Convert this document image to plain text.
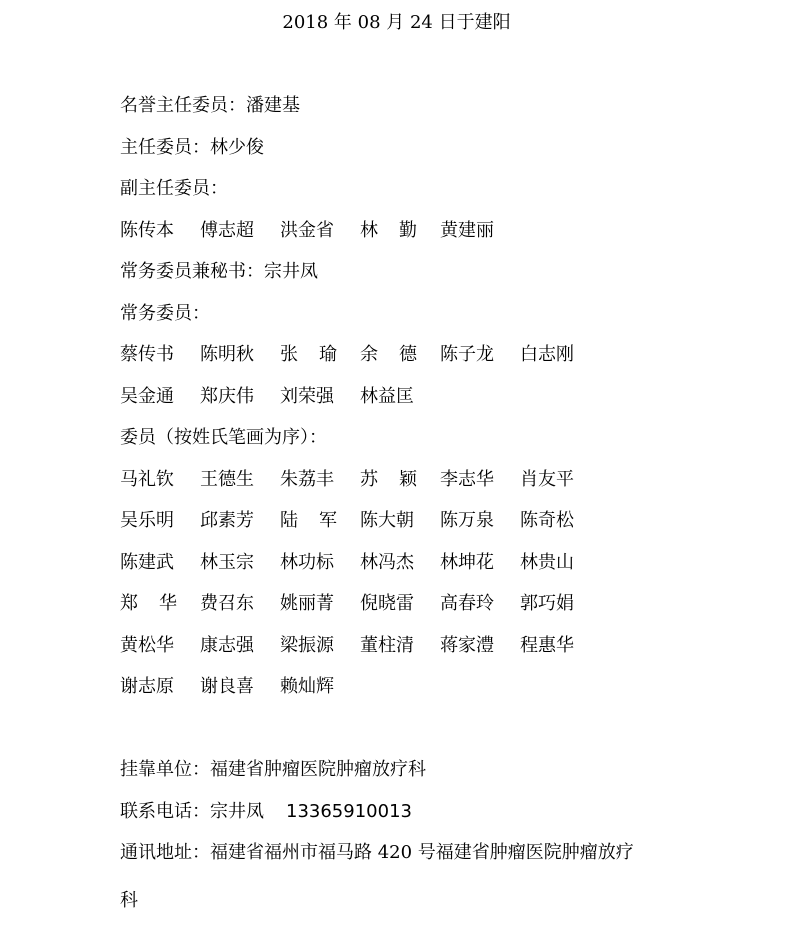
2018 年 08 月 24 日于建阳
名誉主任委员：潘建基
主任委员：林少俊
副主任委员：
陈传本 傅志超 洪金省 林 勤 黄建丽
常务委员兼秘书：宗井凤
常务委员：
蔡传书 陈明秋 张 瑜 余 德 陈子龙 白志刚
吴金通 郑庆伟 刘荣强 林益匡
委员（按姓氏笔画为序）：
马礼钦 王德生 朱荔丰 苏 颖 李志华 肖友平
吴乐明 邱素芳 陆 军 陈大朝 陈万泉 陈奇松
陈建武 林玉宗 林功标 林冯杰 林坤花 林贵山
郑 华 费召东 姚丽菁 倪晓雷 高春玲 郭巧娟
黄松华 康志强 梁振源 董柱清 蒋家澧 程惠华
谢志原 谢良喜 赖灿辉
挂靠单位：福建省肿瘤医院肿瘤放疗科
联系电话：宗井凤 13365910013
通讯地址：福建省福州市福马路 420 号福建省肿瘤医院肿瘤放疗
科
